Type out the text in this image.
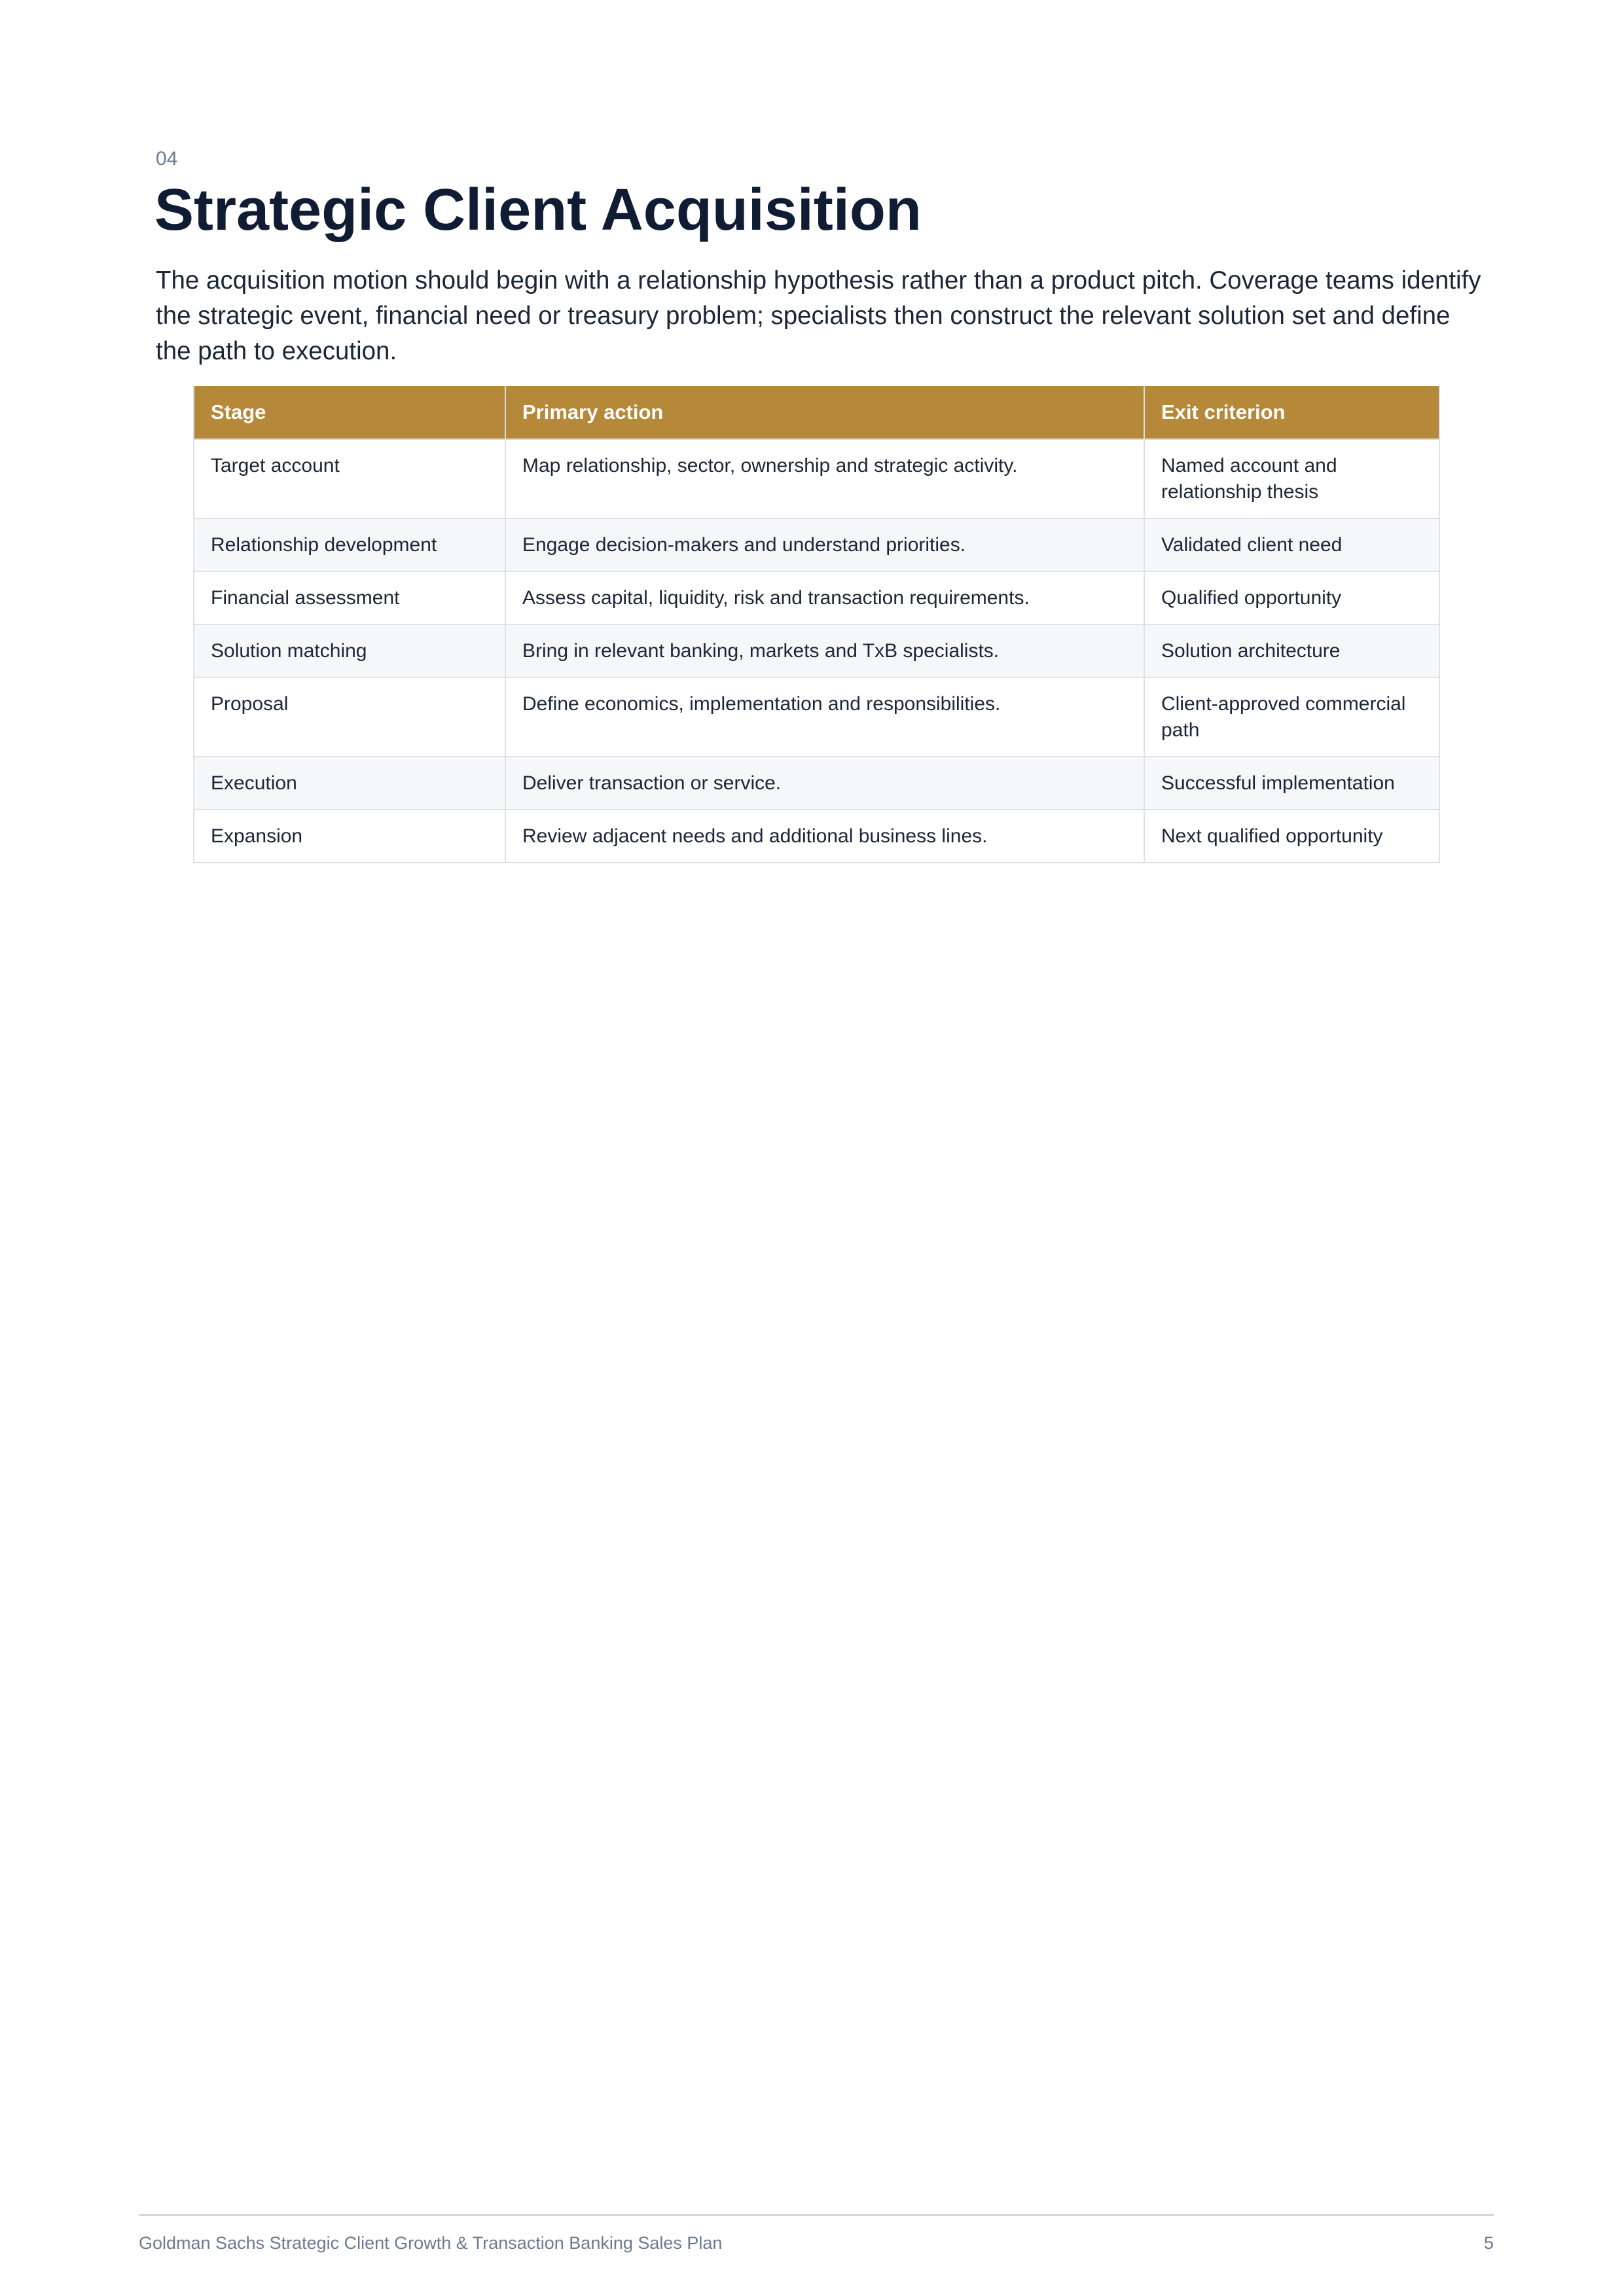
04
Strategic Client Acquisition

The acquisition motion should begin with a relationship hypothesis rather than a product pitch. Coverage teams identify the strategic event, financial need or treasury problem; specialists then construct the relevant solution set and define the path to execution.

Stage	Primary action	Exit criterion
Target account	Map relationship, sector, ownership and strategic activity.	Named account and relationship thesis
Relationship development	Engage decision-makers and understand priorities.	Validated client need
Financial assessment	Assess capital, liquidity, risk and transaction requirements.	Qualified opportunity
Solution matching	Bring in relevant banking, markets and TxB specialists.	Solution architecture
Proposal	Define economics, implementation and responsibilities.	Client-approved commercial path
Execution	Deliver transaction or service.	Successful implementation
Expansion	Review adjacent needs and additional business lines.	Next qualified opportunity
Goldman Sachs Strategic Client Growth & Transaction Banking Sales Plan	5
